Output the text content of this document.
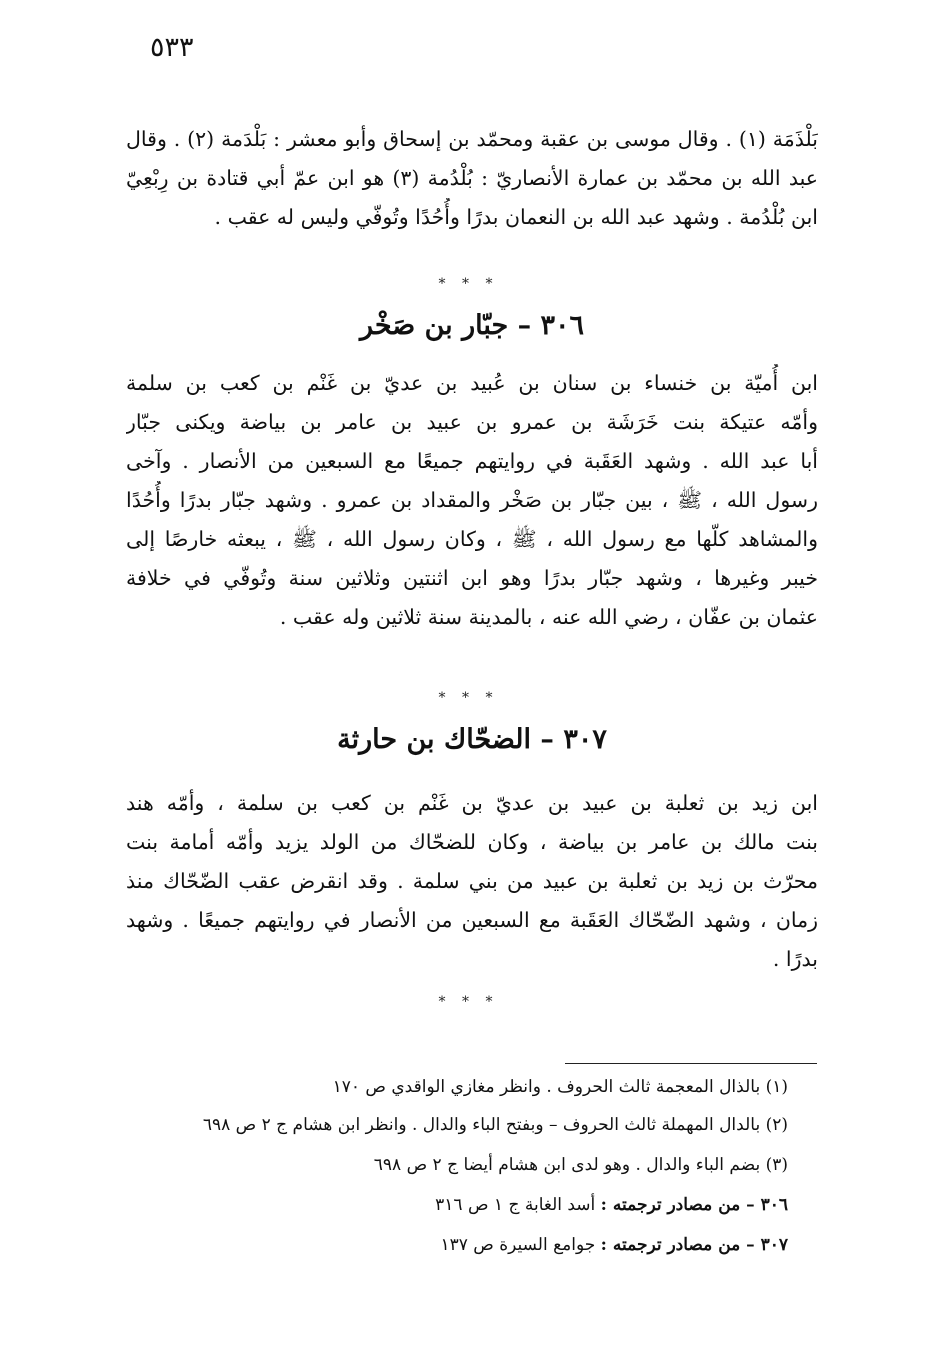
٥٣٣
بَلْذَمَة (١) . وقال موسى بن عقبة ومحمّد بن إسحاق وأبو معشر : بَلْدَمة (٢) . وقال
عبد الله بن محمّد بن عمارة الأنصاريّ : بُلْدُمة (٣) هو ابن عمّ أبي قتادة بن رِبْعِيّ
ابن بُلْدُمة . وشهد عبد الله بن النعمان بدرًا وأُحُدًا وتُوفّي وليس له عقب .
* * *
٣٠٦ – جبّار بن صَخْر
ابن أُميّة بن خنساء بن سنان بن عُبيد بن عديّ بن غَنْم بن كعب بن سلمة
وأمّه عتيكة بنت خَرَشَة بن عمرو بن عبيد بن عامر بن بياضة ويكنى جبّار
أبا عبد الله . وشهد العَقَبة في روايتهم جميعًا مع السبعين من الأنصار . وآخى
رسول الله ، ﷺ ، بين جبّار بن صَخْر والمقداد بن عمرو . وشهد جبّار بدرًا وأُحُدًا
والمشاهد كلّها مع رسول الله ، ﷺ ، وكان رسول الله ، ﷺ ، يبعثه خارصًا إلى
خيبر وغيرها ، وشهد جبّار بدرًا وهو ابن اثنتين وثلاثين سنة وتُوفّي في خلافة
عثمان بن عفّان ، رضي الله عنه ، بالمدينة سنة ثلاثين وله عقب .
* * *
٣٠٧ – الضحّاك بن حارثة
ابن زيد بن ثعلبة بن عبيد بن عديّ بن غَنْم بن كعب بن سلمة ، وأمّه هند
بنت مالك بن عامر بن بياضة ، وكان للضحّاك من الولد يزيد وأمّه أمامة بنت
محرّث بن زيد بن ثعلبة بن عبيد من بني سلمة . وقد انقرض عقب الضّحّاك منذ
زمان ، وشهد الضّحّاك العَقَبة مع السبعين من الأنصار في روايتهم جميعًا . وشهد
بدرًا .
* * *
(١) بالذال المعجمة ثالث الحروف . وانظر مغازي الواقدي ص ١٧٠
(٢) بالدال المهملة ثالث الحروف – وبفتح الباء والدال . وانظر ابن هشام ج ٢ ص ٦٩٨
(٣) بضم الباء والدال . وهو لدى ابن هشام أيضا ج ٢ ص ٦٩٨
٣٠٦ – من مصادر ترجمته : أسد الغابة ج ١ ص ٣١٦
٣٠٧ – من مصادر ترجمته : جوامع السيرة ص ١٣٧
